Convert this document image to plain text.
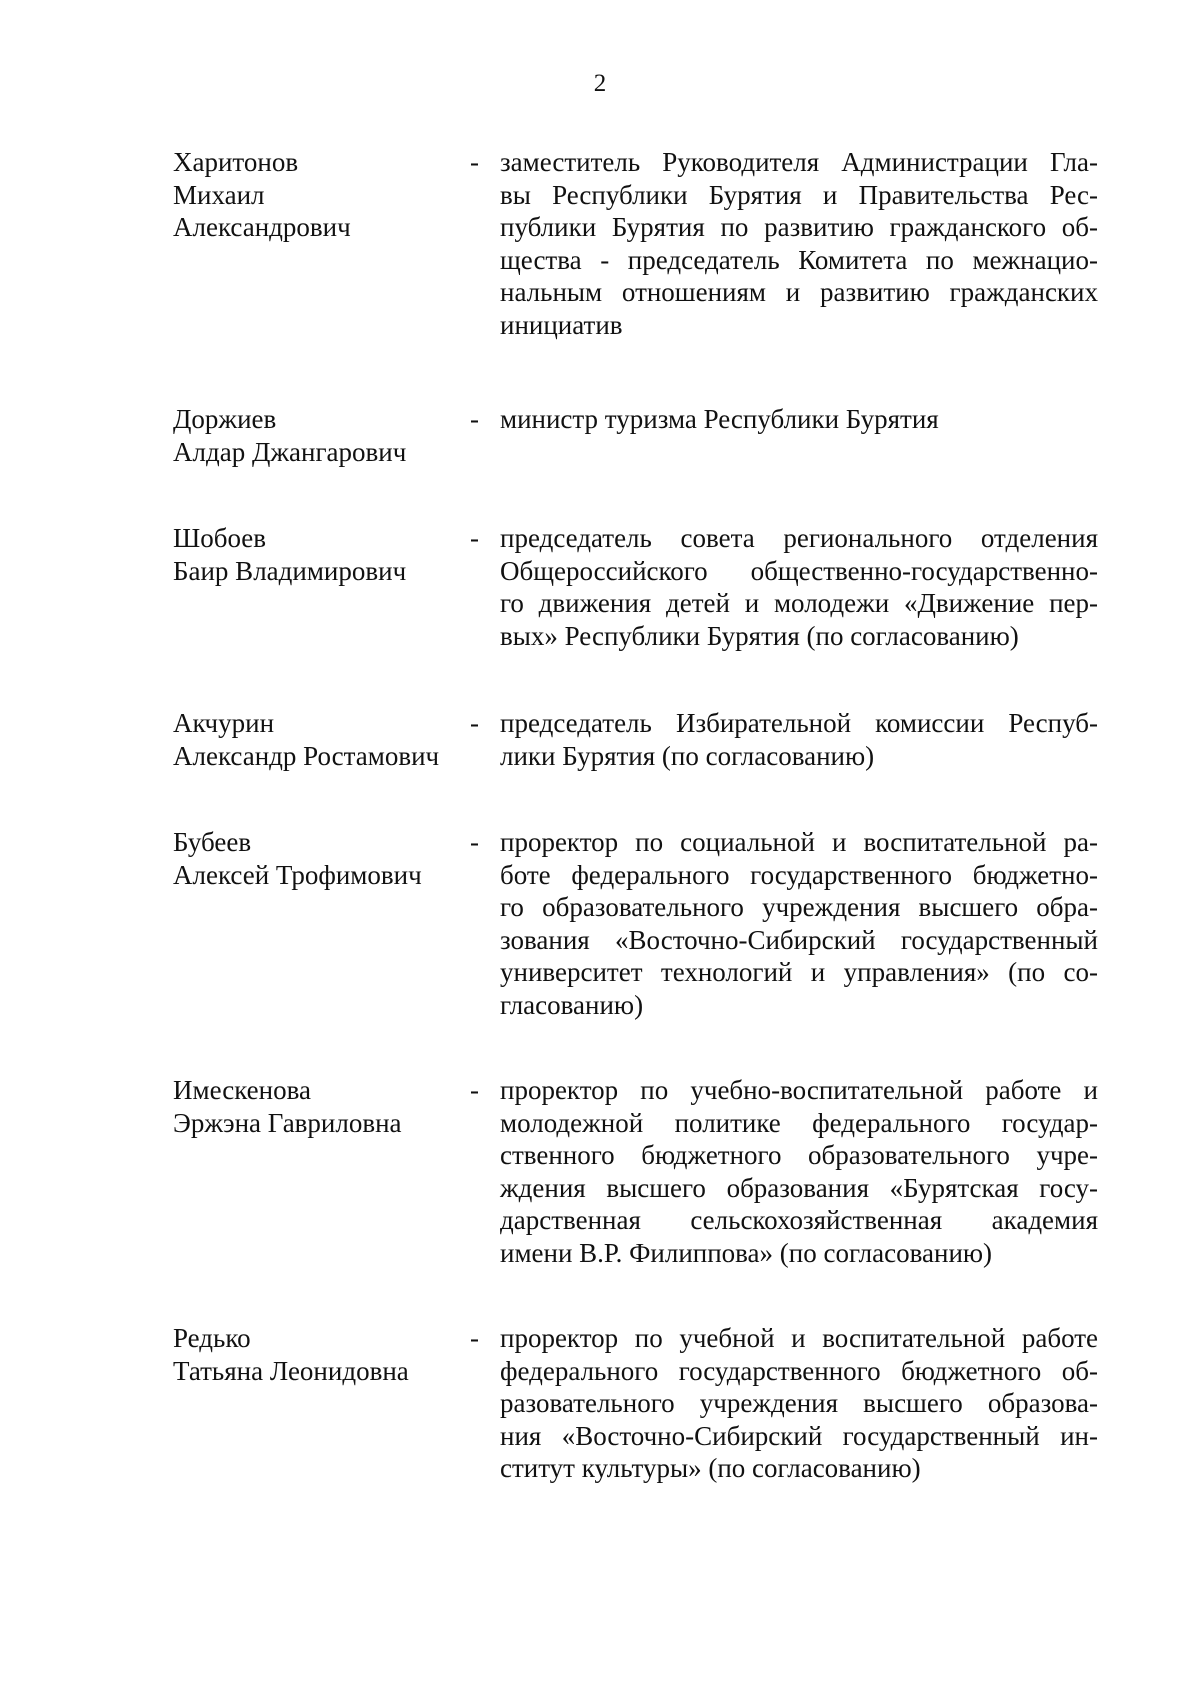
2
Харитонов
Михаил
Александрович
- заместитель Руководителя Администрации Гла-
вы Республики Бурятия и Правительства Рес-
публики Бурятия по развитию гражданского об-
щества - председатель Комитета по межнацио-
нальным отношениям и развитию гражданских
инициатив
Доржиев
Алдар Джангарович
- министр туризма Республики Бурятия
Шобоев
Баир Владимирович
- председатель совета регионального отделения
Общероссийского общественно-государственно-
го движения детей и молодежи «Движение пер-
вых» Республики Бурятия (по согласованию)
Акчурин
Александр Ростамович
- председатель Избирательной комиссии Респуб-
лики Бурятия (по согласованию)
Бубеев
Алексей Трофимович
- проректор по социальной и воспитательной ра-
боте федерального государственного бюджетно-
го образовательного учреждения высшего обра-
зования «Восточно-Сибирский государственный
университет технологий и управления» (по со-
гласованию)
Имескенова
Эржэна Гавриловна
- проректор по учебно-воспитательной работе и
молодежной политике федерального государ-
ственного бюджетного образовательного учре-
ждения высшего образования «Бурятская госу-
дарственная сельскохозяйственная академия
имени В.Р. Филиппова» (по согласованию)
Редько
Татьяна Леонидовна
- проректор по учебной и воспитательной работе
федерального государственного бюджетного об-
разовательного учреждения высшего образова-
ния «Восточно-Сибирский государственный ин-
ститут культуры» (по согласованию)
